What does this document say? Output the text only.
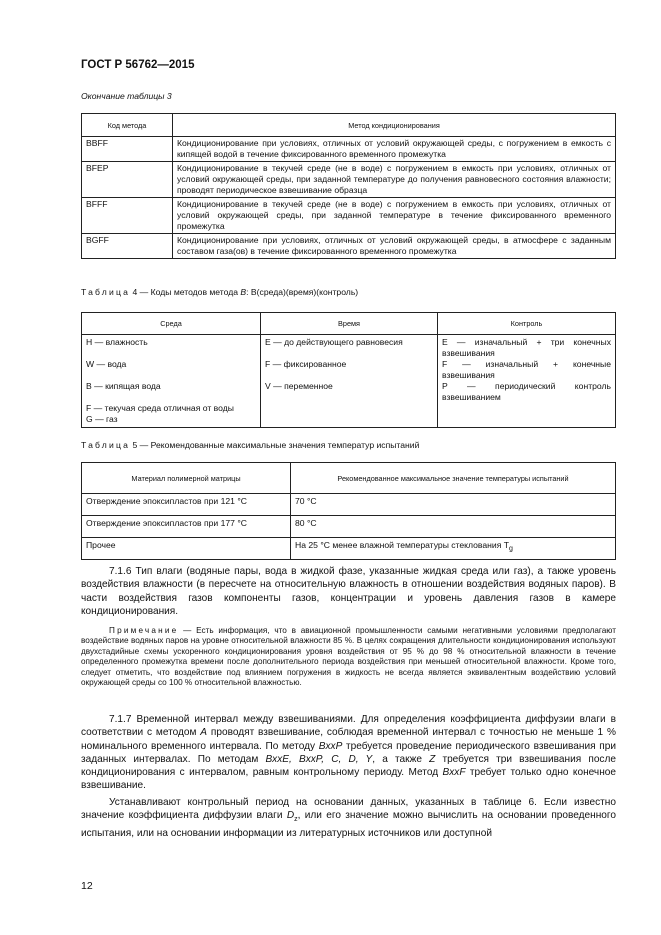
ГОСТ Р 56762—2015
Окончание таблицы 3
Код метода	Метод кондиционирования
BBFF	Кондиционирование при условиях, отличных от условий окружающей среды, с погружением в емкость с кипящей водой в течение фиксированного временного промежутка
BFEP	Кондиционирование в текучей среде (не в воде) с погружением в емкость при условиях, отличных от условий окружающей среды, при заданной температуре до получения равновесного состояния влажности; проводят периодическое взвешивание образца
BFFF	Кондиционирование в текучей среде (не в воде) с погружением в емкость при условиях, отличных от условий окружающей среды, при заданной температуре в течение фиксированного временного промежутка
BGFF	Кондиционирование при условиях, отличных от условий окружающей среды, в атмосфере с заданным составом газа(ов) в течение фиксированного временного промежутка
Таблица 4 — Коды методов метода B: B(среда)(время)(контроль)
Среда	Время	Контроль
H — влажность	E — до действующего равновесия	E — изначальный + три конечных взвешивания

W — вода	F — фиксированное	F — изначальный + конечные взвешивания

B — кипящая вода	V — переменное	P — периодический контроль взвешиванием

F — текучая среда отличная от воды		
G — газ		
Таблица 5 — Рекомендованные максимальные значения температур испытаний
Материал полимерной матрицы	Рекомендованное максимальное значение температуры испытаний
Отверждение эпоксипластов при 121 °C	70 °C
Отверждение эпоксипластов при 177 °C	80 °C
Прочее	На 25 °C менее влажной температуры стеклования $T_g$
7.1.6 Тип влаги (водяные пары, вода в жидкой фазе, указанные жидкая среда или газ), а также уровень воздействия влажности (в пересчете на относительную влажность в отношении воздействия водяных паров). В части воздействия газов компоненты газов, концентрации и уровень давления газов в камере кондиционирования.
Примечание — Есть информация, что в авиационной промышленности самыми негативными условиями предполагают воздействие водяных паров на уровне относительной влажности 85 %. В целях сокращения длительности кондиционирования используют двухстадийные схемы ускоренного кондиционирования уровня воздействия от 95 % до 98 % относительной влажности в течение определенного промежутка времени после дополнительного периода воздействия при меньшей относительной влажности. Кроме того, следует отметить, что воздействие под влиянием погружения в жидкость не всегда является эквивалентным воздействию условий окружающей среды со 100 % относительной влажностью.
7.1.7 Временной интервал между взвешиваниями. Для определения коэффициента диффузии влаги в соответствии с методом A проводят взвешивание, соблюдая временной интервал с точностью не меньше 1 % номинального временного интервала. По методу BxxP требуется проведение периодического взвешивания при заданных интервалах. По методам BxxE, BxxP, C, D, Y, а также Z требуется три взвешивания после кондиционирования с интервалом, равным контрольному периоду. Метод BxxF требует только одно конечное взвешивание.
Устанавливают контрольный период на основании данных, указанных в таблице 6. Если известно значение коэффициента диффузии влаги $D_z$, или его значение можно вычислить на основании проведенного испытания, или на основании информации из литературных источников или доступной
12
